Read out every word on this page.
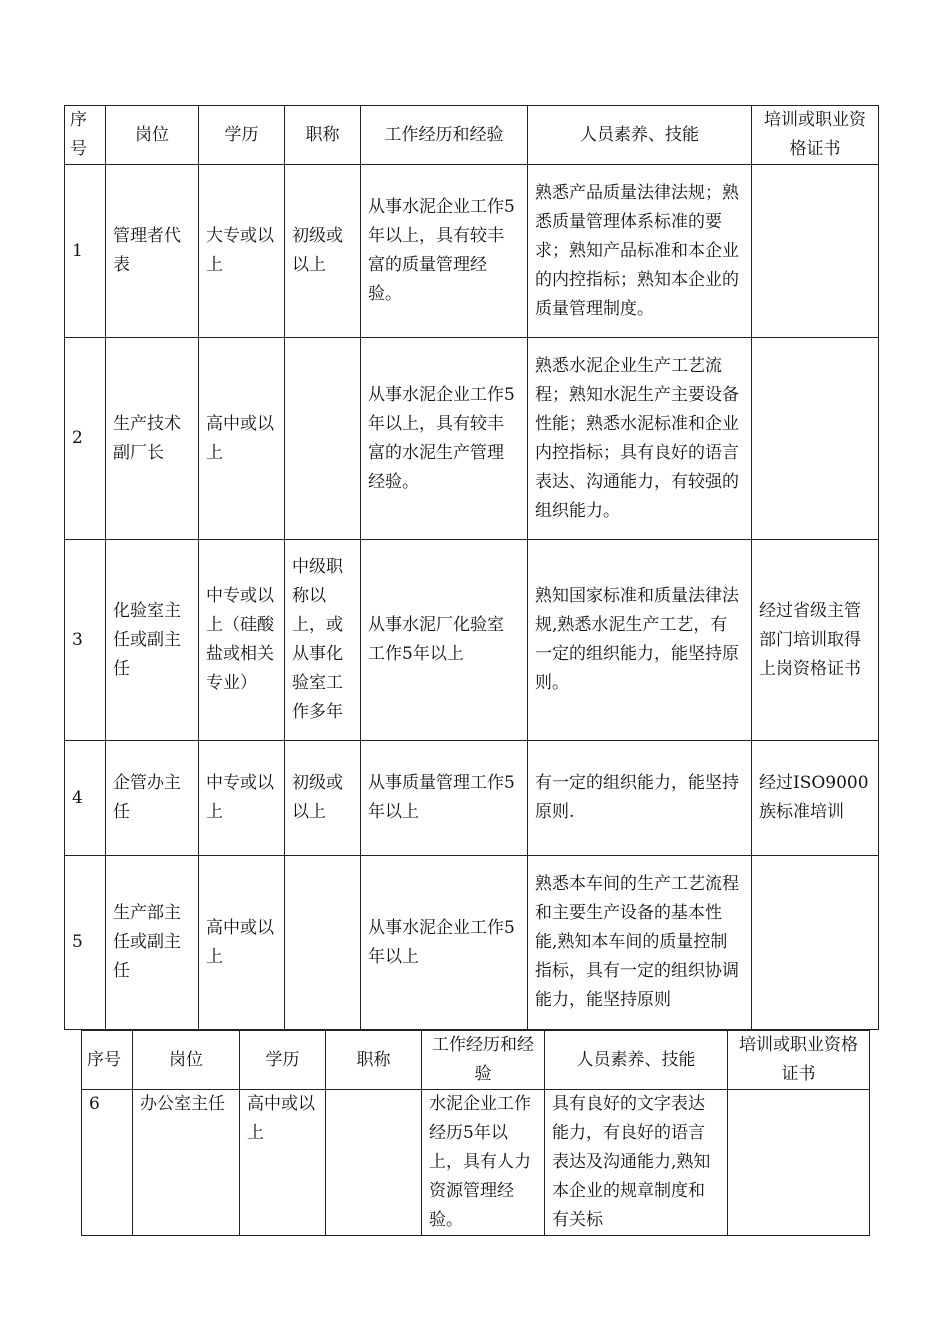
序号	岗位	学历	职称	工作经历和经验	人员素养、技能	培训或职业资格证书
1	管理者代表	大专或以上	初级或以上	从事水泥企业工作5年以上，具有较丰富的质量管理经验。	熟悉产品质量法律法规；熟悉质量管理体系标准的要求；熟知产品标准和本企业的内控指标；熟知本企业的质量管理制度。	
2	生产技术副厂长	高中或以上		从事水泥企业工作5年以上，具有较丰富的水泥生产管理经验。	熟悉水泥企业生产工艺流程；熟知水泥生产主要设备性能；熟悉水泥标准和企业内控指标；具有良好的语言表达、沟通能力，有较强的组织能力。	
3	化验室主任或副主任	中专或以上（硅酸盐或相关专业）	中级职称以上，或从事化验室工作多年	从事水泥厂化验室工作5年以上	熟知国家标准和质量法律法规,熟悉水泥生产工艺，有一定的组织能力，能坚持原则。	经过省级主管部门培训取得上岗资格证书
4	企管办主任	中专或以上	初级或以上	从事质量管理工作5年以上	有一定的组织能力，能坚持原则.	经过ISO9000族标准培训
5	生产部主任或副主任	高中或以上		从事水泥企业工作5年以上	熟悉本车间的生产工艺流程和主要生产设备的基本性能,熟知本车间的质量控制指标，具有一定的组织协调能力，能坚持原则	
序号	岗位	学历	职称	工作经历和经验	人员素养、技能	培训或职业资格证书
6	办公室主任	高中或以上		水泥企业工作经历5年以上，具有人力资源管理经验。	具有良好的文字表达能力，有良好的语言表达及沟通能力,熟知本企业的规章制度和有关标	
